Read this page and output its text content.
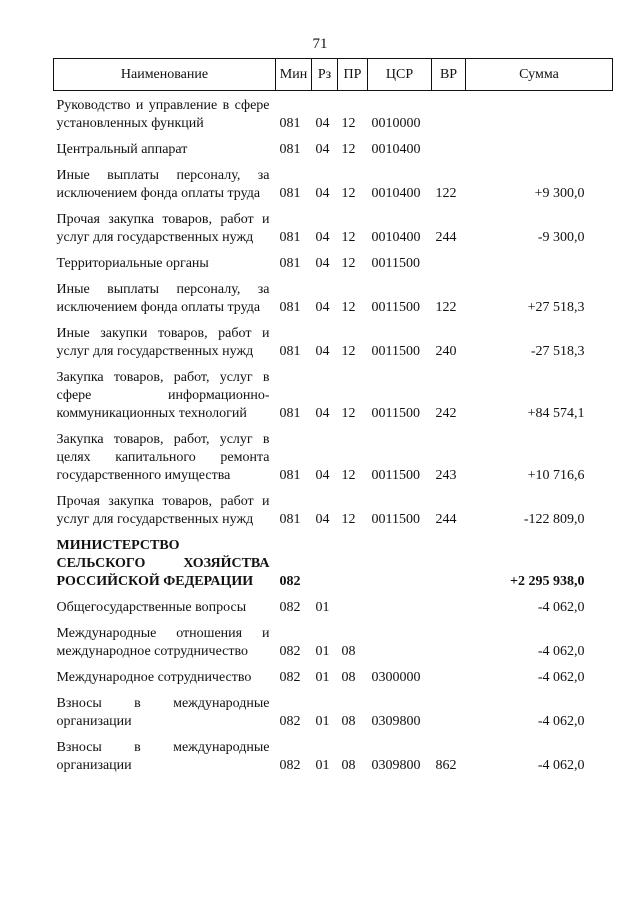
71
Наименование	Мин	Рз	ПР	ЦСР	ВР	Сумма
Руководство и управление в сфере установленных функций	081	04	12	0010000		
Центральный аппарат	081	04	12	0010400		
Иные выплаты персоналу, за исключением фонда оплаты труда	081	04	12	0010400	122	+9 300,0
Прочая закупка товаров, работ и услуг для государственных нужд	081	04	12	0010400	244	-9 300,0
Территориальные органы	081	04	12	0011500		
Иные выплаты персоналу, за исключением фонда оплаты труда	081	04	12	0011500	122	+27 518,3
Иные закупки товаров, работ и услуг для государственных нужд	081	04	12	0011500	240	-27 518,3
Закупка товаров, работ, услуг в сфере информационно-коммуникационных технологий	081	04	12	0011500	242	+84 574,1
Закупка товаров, работ, услуг в целях капитального ремонта государственного имущества	081	04	12	0011500	243	+10 716,6
Прочая закупка товаров, работ и услуг для государственных нужд	081	04	12	0011500	244	-122 809,0
МИНИСТЕРСТВО СЕЛЬСКОГО ХОЗЯЙСТВА РОССИЙСКОЙ ФЕДЕРАЦИИ	082					+2 295 938,0
Общегосударственные вопросы	082	01				-4 062,0
Международные отношения и международное сотрудничество	082	01	08			-4 062,0
Международное сотрудничество	082	01	08	0300000		-4 062,0
Взносы в международные организации	082	01	08	0309800		-4 062,0
Взносы в международные организации	082	01	08	0309800	862	-4 062,0
